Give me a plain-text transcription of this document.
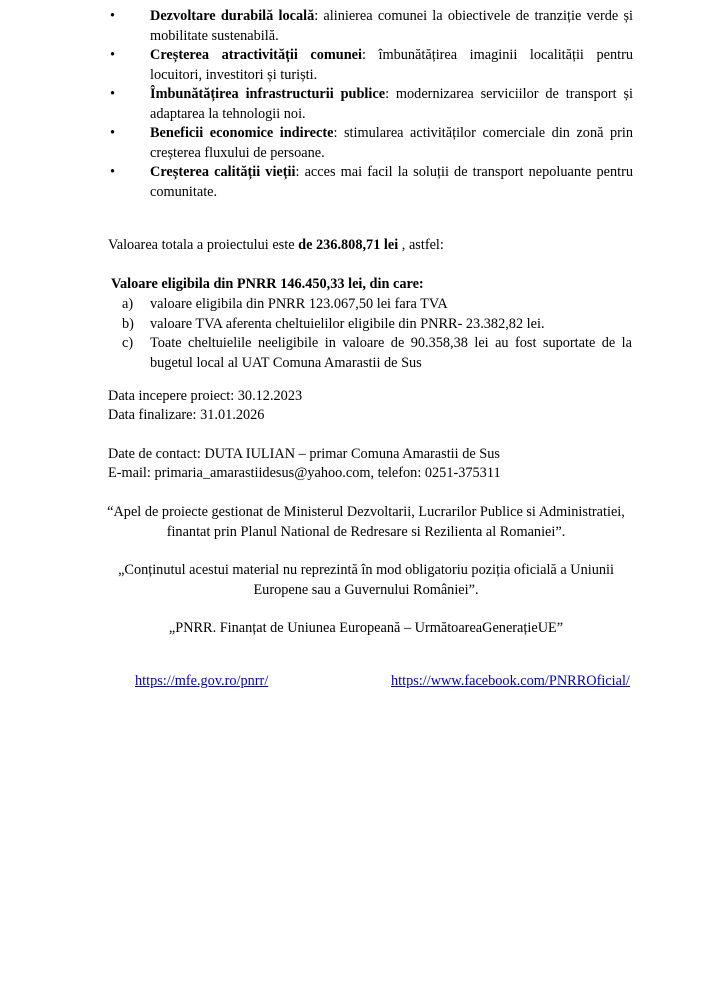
• Dezvoltare durabilă locală: alinierea comunei la obiectivele de tranziție verde și mobilitate sustenabilă.
• Creșterea atractivității comunei: îmbunătățirea imaginii localității pentru locuitori, investitori și turiști.
• Îmbunătățirea infrastructurii publice: modernizarea serviciilor de transport și adaptarea la tehnologii noi.
• Beneficii economice indirecte: stimularea activităților comerciale din zonă prin creșterea fluxului de persoane.
• Creșterea calității vieții: acces mai facil la soluții de transport nepoluante pentru comunitate.
Valoarea totala a proiectului este de 236.808,71 lei , astfel:
Valoare eligibila din PNRR 146.450,33 lei, din care:
a) valoare eligibila din PNRR 123.067,50 lei fara TVA
b) valoare TVA aferenta cheltuielilor eligibile din PNRR- 23.382,82 lei.
c) Toate cheltuielile neeligibile in valoare de 90.358,38 lei au fost suportate de la bugetul local al UAT Comuna Amarastii de Sus
Data incepere proiect: 30.12.2023
Data finalizare: 31.01.2026
Date de contact: DUTA IULIAN – primar Comuna Amarastii de Sus
E-mail: primaria_amarastiidesus@yahoo.com, telefon: 0251-375311
“Apel de proiecte gestionat de Ministerul Dezvoltarii, Lucrarilor Publice si Administratiei, finantat prin Planul National de Redresare si Rezilienta al Romaniei”.
„Conținutul acestui material nu reprezintă în mod obligatoriu poziția oficială a Uniunii Europene sau a Guvernului României”.
„PNRR. Finanțat de Uniunea Europeană – UrmătoareaGenerațieUE”
https://mfe.gov.ro/pnrr/	https://www.facebook.com/PNRROficial/
